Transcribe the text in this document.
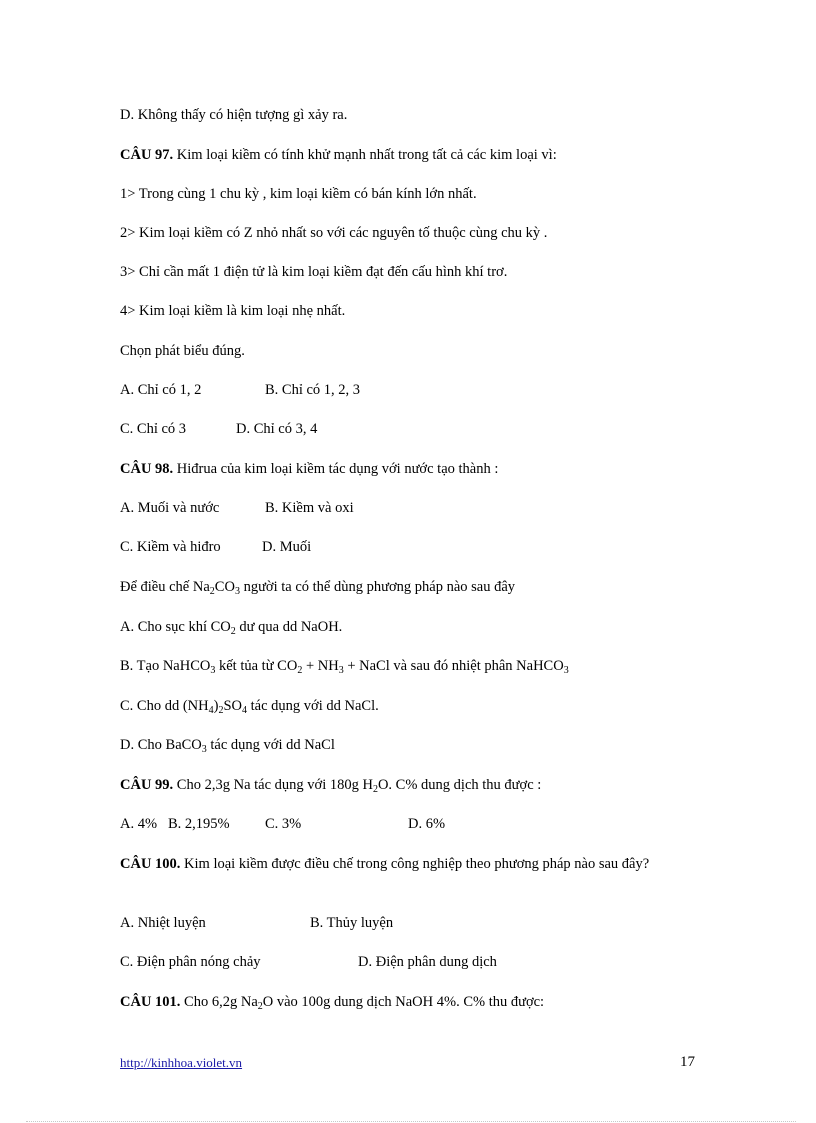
D. Không thấy có hiện tượng gì xảy ra.
CÂU 97. Kim loại kiềm có tính khử mạnh nhất trong tất cả các kim loại vì:
1> Trong cùng 1 chu kỳ , kim loại kiềm có bán kính lớn nhất.
2> Kim loại kiềm có Z nhỏ nhất so với các nguyên tố thuộc cùng chu kỳ .
3> Chỉ cần mất 1 điện tử là kim loại kiềm đạt đến cấu hình khí trơ.
4> Kim loại kiềm là kim loại nhẹ nhất.
Chọn phát biểu đúng.
A. Chỉ có 1, 2	B. Chỉ có 1, 2, 3
C. Chỉ có 3	D. Chỉ có 3, 4
CÂU 98. Hiđrua của kim loại kiềm tác dụng với nước tạo thành :
A. Muối và nước	B. Kiềm và oxi
C. Kiềm và hiđro	D. Muối
Để điều chế $Na_2CO_3$ người ta có thể dùng phương pháp nào sau đây
A. Cho sục khí $CO_2$ dư qua dd NaOH.
B. Tạo NaHCO$_3$ kết tủa từ $CO_2 + NH_3$ + NaCl và sau đó nhiệt phân NaHCO$_3$
C. Cho dd $(NH_4)_2SO_4$ tác dụng với dd NaCl.
D. Cho BaCO$_3$ tác dụng với dd NaCl
CÂU 99. Cho 2,3g Na tác dụng với 180g $H_2O$. C% dung dịch thu được :
A. 4% B. 2,195% C. 3%	D. 6%
CÂU 100. Kim loại kiềm được điều chế trong công nghiệp theo phương pháp nào sau đây?
A. Nhiệt luyện	B. Thủy luyện
C. Điện phân nóng chảy	D. Điện phân dung dịch
CÂU 101. Cho 6,2g $Na_2O$ vào 100g dung dịch NaOH 4%. C% thu được:
http://kinhhoa.violet.vn	17
